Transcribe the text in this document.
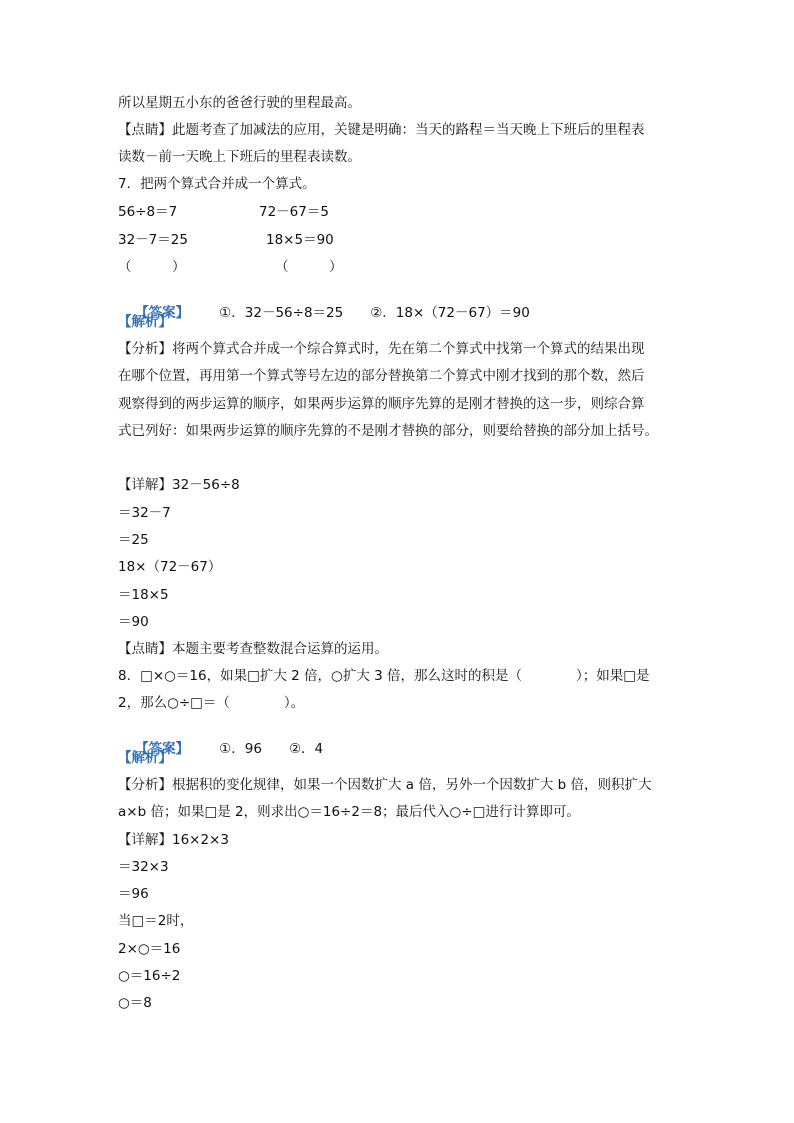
所以星期五小东的爸爸行驶的里程最高。
【点睛】此题考查了加减法的应用，关键是明确：当天的路程＝当天晚上下班后的里程表
读数－前一天晚上下班后的里程表读数。
7．把两个算式合并成一个算式。
56÷8＝7	72－67＝5
32－7＝25	18×5＝90
（　　　）	（　　　）

【答案】 ①．32－56÷8＝25　　②．18×（72－67）＝90

【解析】
【分析】将两个算式合并成一个综合算式时，先在第二个算式中找第一个算式的结果出现
在哪个位置，再用第一个算式等号左边的部分替换第二个算式中刚才找到的那个数，然后
观察得到的两步运算的顺序，如果两步运算的顺序先算的是刚才替换的这一步，则综合算
式已列好：如果两步运算的顺序先算的不是刚才替换的部分，则要给替换的部分加上括号。
【详解】32－56÷8
＝32－7
＝25
18×（72－67）
＝18×5
＝90
【点睛】本题主要考查整数混合运算的运用。
8．□×○＝16，如果□扩大 2 倍，○扩大 3 倍，那么这时的积是（　　　　）；如果□是
2，那么○÷□＝（　　　　）。

【答案】 ①．96　　②．4

【解析】
【分析】根据积的变化规律，如果一个因数扩大 a 倍，另外一个因数扩大 b 倍，则积扩大
a×b 倍；如果□是 2，则求出○＝16÷2＝8；最后代入○÷□进行计算即可。
【详解】16×2×3
＝32×3
＝96
当□＝2时，
2×○＝16
○＝16÷2
○＝8
